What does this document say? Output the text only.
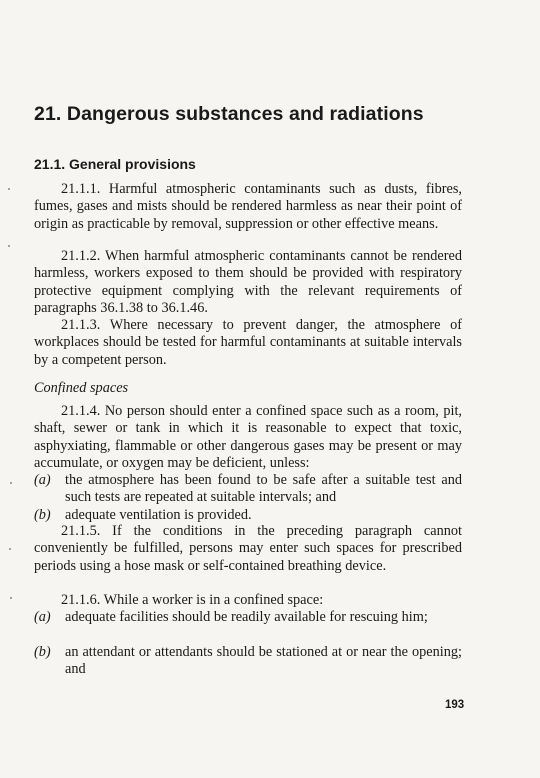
21. Dangerous substances and radiations
21.1. General provisions

21.1.1. Harmful atmospheric contaminants such as dusts, fibres, fumes, gases and mists should be rendered harmless as near their point of origin as practicable by removal, suppression or other effective means.

21.1.2. When harmful atmospheric contaminants cannot be rendered harmless, workers exposed to them should be provided with respiratory protective equipment complying with the relevant requirements of paragraphs 36.1.38 to 36.1.46.

21.1.3. Where necessary to prevent danger, the atmosphere of workplaces should be tested for harmful contaminants at suitable intervals by a competent person.

Confined spaces

21.1.4. No person should enter a confined space such as a room, pit, shaft, sewer or tank in which it is reasonable to expect that toxic, asphyxiating, flammable or other dangerous gases may be present or may accumulate, or oxygen may be deficient, unless:

(a) the atmosphere has been found to be safe after a suitable test and such tests are repeated at suitable intervals; and
(b) adequate ventilation is provided.

21.1.5. If the conditions in the preceding paragraph cannot conveniently be fulfilled, persons may enter such spaces for prescribed periods using a hose mask or self-contained breathing device.

21.1.6. While a worker is in a confined space:

(a) adequate facilities should be readily available for rescuing him;
(b) an attendant or attendants should be stationed at or near the opening; and

193
